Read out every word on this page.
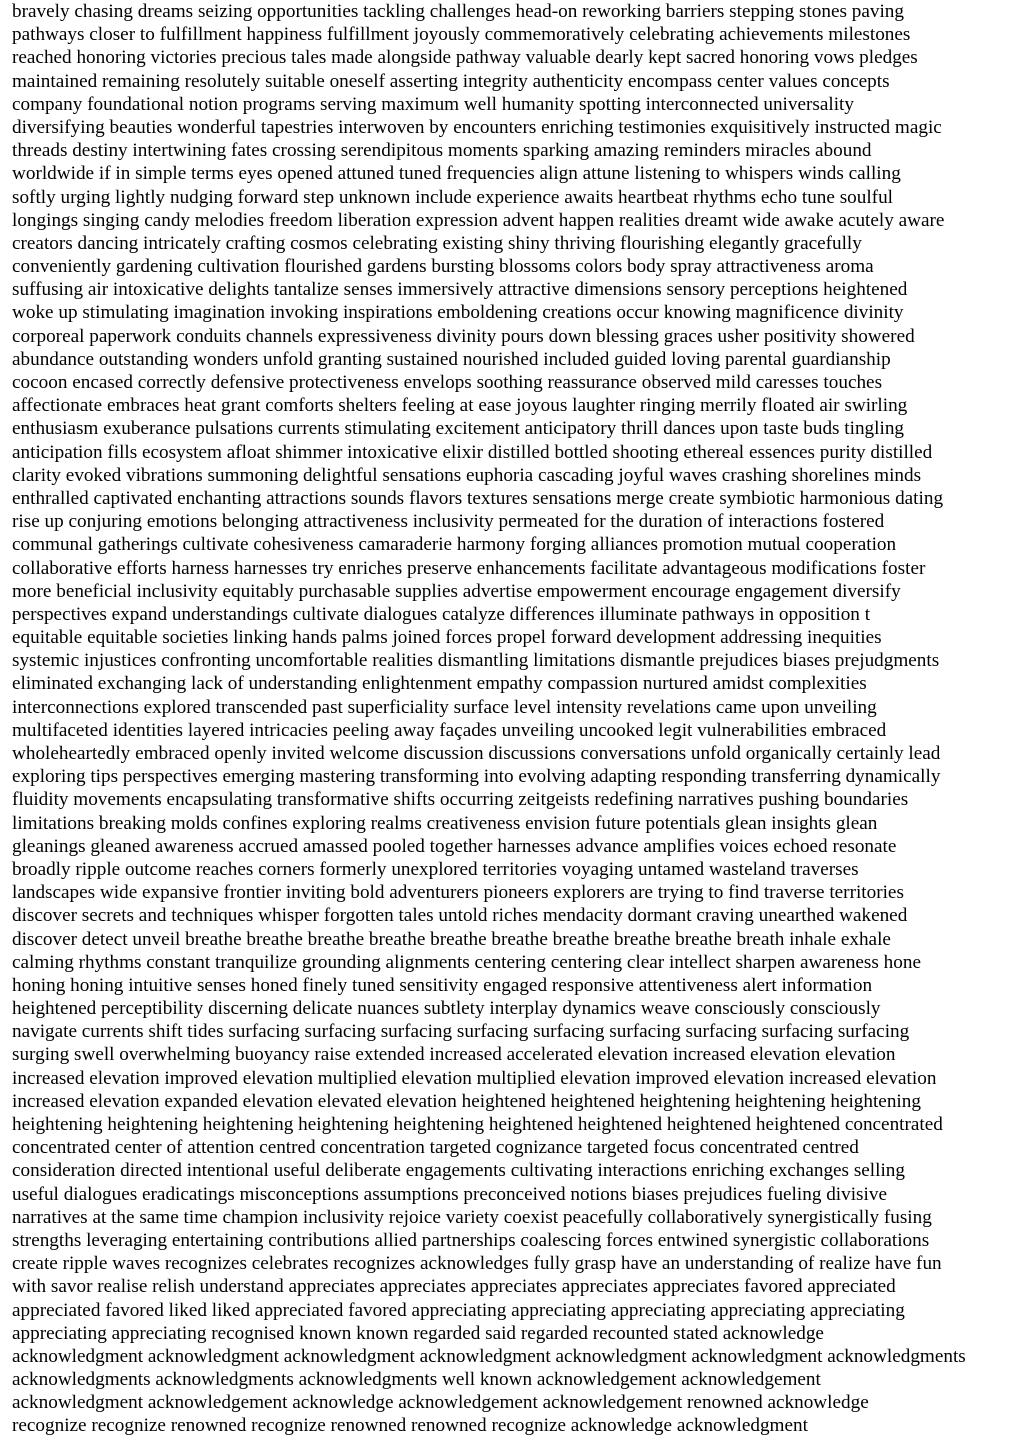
bravely chasing dreams seizing opportunities tackling challenges head-on reworking barriers stepping stones paving
pathways closer to fulfillment happiness fulfillment joyously commemoratively celebrating achievements milestones
reached honoring victories precious tales made alongside pathway valuable dearly kept sacred honoring vows pledges
maintained remaining resolutely suitable oneself asserting integrity authenticity encompass center values concepts
company foundational notion programs serving maximum well humanity spotting interconnected universality
diversifying beauties wonderful tapestries interwoven by encounters enriching testimonies exquisitively instructed magic
threads destiny intertwining fates crossing serendipitous moments sparking amazing reminders miracles abound
worldwide if in simple terms eyes opened attuned tuned frequencies align attune listening to whispers winds calling
softly urging lightly nudging forward step unknown include experience awaits heartbeat rhythms echo tune soulful
longings singing candy melodies freedom liberation expression advent happen realities dreamt wide awake acutely aware
creators dancing intricately crafting cosmos celebrating existing shiny thriving flourishing elegantly gracefully
conveniently gardening cultivation flourished gardens bursting blossoms colors body spray attractiveness aroma
suffusing air intoxicative delights tantalize senses immersively attractive dimensions sensory perceptions heightened
woke up stimulating imagination invoking inspirations emboldening creations occur knowing magnificence divinity
corporeal paperwork conduits channels expressiveness divinity pours down blessing graces usher positivity showered
abundance outstanding wonders unfold granting sustained nourished included guided loving parental guardianship
cocoon encased correctly defensive protectiveness envelops soothing reassurance observed mild caresses touches
affectionate embraces heat grant comforts shelters feeling at ease joyous laughter ringing merrily floated air swirling
enthusiasm exuberance pulsations currents stimulating excitement anticipatory thrill dances upon taste buds tingling
anticipation fills ecosystem afloat shimmer intoxicative elixir distilled bottled shooting ethereal essences purity distilled
clarity evoked vibrations summoning delightful sensations euphoria cascading joyful waves crashing shorelines minds
enthralled captivated enchanting attractions sounds flavors textures sensations merge create symbiotic harmonious dating
rise up conjuring emotions belonging attractiveness inclusivity permeated for the duration of interactions fostered
communal gatherings cultivate cohesiveness camaraderie harmony forging alliances promotion mutual cooperation
collaborative efforts harness harnesses try enriches preserve enhancements facilitate advantageous modifications foster
more beneficial inclusivity equitably purchasable supplies advertise empowerment encourage engagement diversify
perspectives expand understandings cultivate dialogues catalyze differences illuminate pathways in opposition t
equitable equitable societies linking hands palms joined forces propel forward development addressing inequities
systemic injustices confronting uncomfortable realities dismantling limitations dismantle prejudices biases prejudgments
eliminated exchanging lack of understanding enlightenment empathy compassion nurtured amidst complexities
interconnections explored transcended past superficiality surface level intensity revelations came upon unveiling
multifaceted identities layered intricacies peeling away façades unveiling uncooked legit vulnerabilities embraced
wholeheartedly embraced openly invited welcome discussion discussions conversations unfold organically certainly lead
exploring tips perspectives emerging mastering transforming into evolving adapting responding transferring dynamically
fluidity movements encapsulating transformative shifts occurring zeitgeists redefining narratives pushing boundaries
limitations breaking molds confines exploring realms creativeness envision future potentials glean insights glean
gleanings gleaned awareness accrued amassed pooled together harnesses advance amplifies voices echoed resonate
broadly ripple outcome reaches corners formerly unexplored territories voyaging untamed wasteland traverses
landscapes wide expansive frontier inviting bold adventurers pioneers explorers are trying to find traverse territories
discover secrets and techniques whisper forgotten tales untold riches mendacity dormant craving unearthed wakened
discover detect unveil breathe breathe breathe breathe breathe breathe breathe breathe breathe breath inhale exhale
calming rhythms constant tranquilize grounding alignments centering centering clear intellect sharpen awareness hone
honing honing intuitive senses honed finely tuned sensitivity engaged responsive attentiveness alert information
heightened perceptibility discerning delicate nuances subtlety interplay dynamics weave consciously consciously
navigate currents shift tides surfacing surfacing surfacing surfacing surfacing surfacing surfacing surfacing surfacing
surging swell overwhelming buoyancy raise extended increased accelerated elevation increased elevation elevation
increased elevation improved elevation multiplied elevation multiplied elevation improved elevation increased elevation
increased elevation expanded elevation elevated elevation heightened heightened heightening heightening heightening
heightening heightening heightening heightening heightening heightened heightened heightened heightened concentrated
concentrated center of attention centred concentration targeted cognizance targeted focus concentrated centred
consideration directed intentional useful deliberate engagements cultivating interactions enriching exchanges selling
useful dialogues eradicatings misconceptions assumptions preconceived notions biases prejudices fueling divisive
narratives at the same time champion inclusivity rejoice variety coexist peacefully collaboratively synergistically fusing
strengths leveraging entertaining contributions allied partnerships coalescing forces entwined synergistic collaborations
create ripple waves recognizes celebrates recognizes acknowledges fully grasp have an understanding of realize have fun
with savor realise relish understand appreciates appreciates appreciates appreciates appreciates favored appreciated
appreciated favored liked liked appreciated favored appreciating appreciating appreciating appreciating appreciating
appreciating appreciating recognised known known regarded said regarded recounted stated acknowledge
acknowledgment acknowledgment acknowledgment acknowledgment acknowledgment acknowledgment acknowledgments
acknowledgments acknowledgments acknowledgments well known acknowledgement acknowledgement
acknowledgment acknowledgement acknowledge acknowledgement acknowledgement renowned acknowledge
recognize recognize renowned recognize renowned renowned recognize acknowledge acknowledgment
